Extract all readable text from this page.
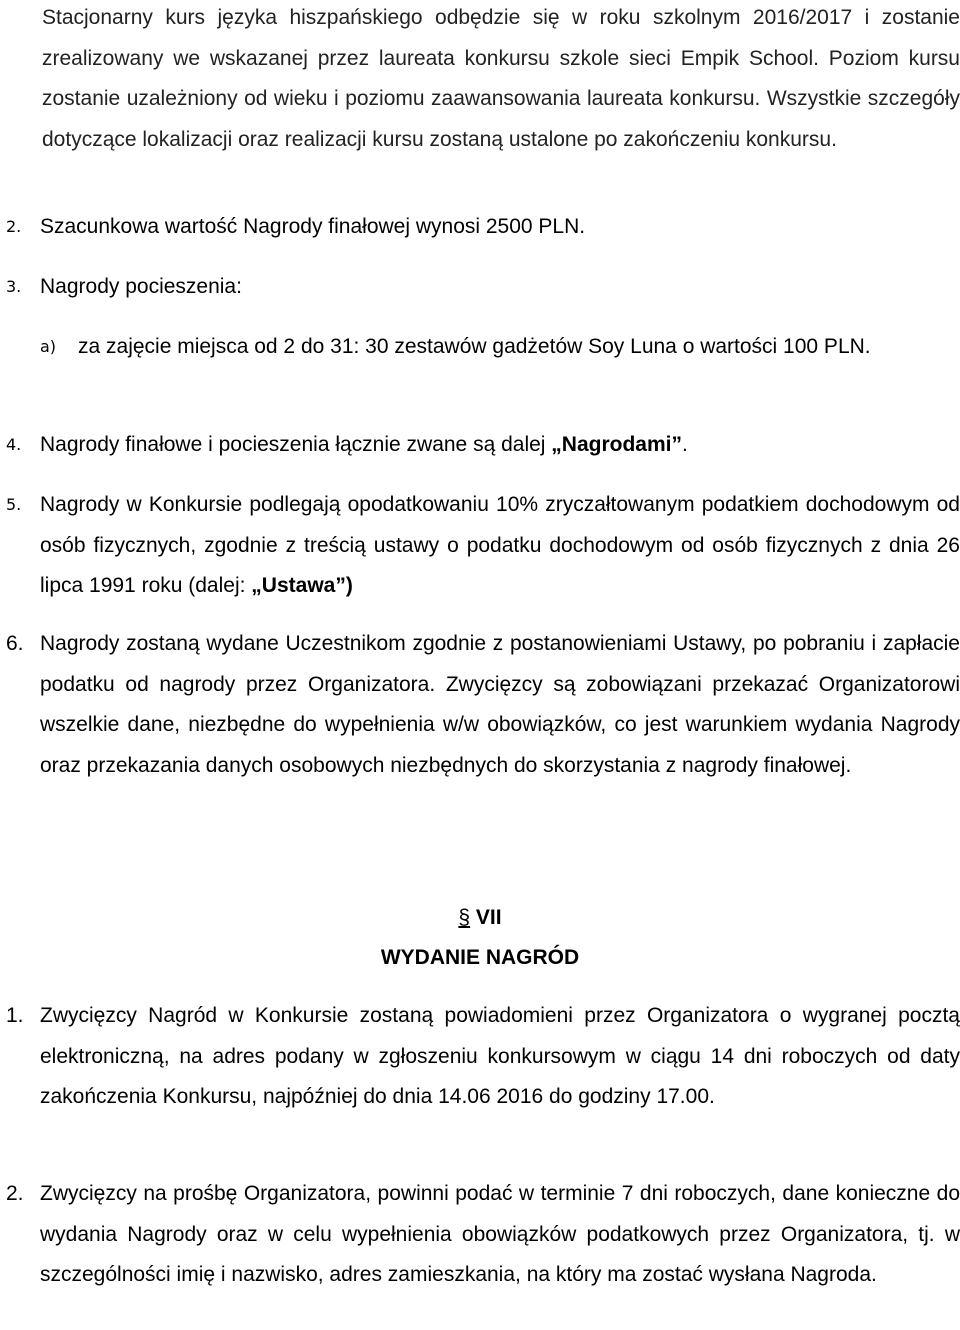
Stacjonarny kurs języka hiszpańskiego odbędzie się w roku szkolnym 2016/2017 i zostanie zrealizowany we wskazanej przez laureata konkursu szkole sieci Empik School. Poziom kursu zostanie uzależniony od wieku i poziomu zaawansowania laureata konkursu. Wszystkie szczegóły dotyczące lokalizacji oraz realizacji kursu zostaną ustalone po zakończeniu konkursu.

2. Szacunkowa wartość Nagrody finałowej wynosi 2500 PLN.

3. Nagrody pocieszenia:

a) za zajęcie miejsca od 2 do 31: 30 zestawów gadżetów Soy Luna o wartości 100 PLN.

4. Nagrody finałowe i pocieszenia łącznie zwane są dalej „Nagrodami”.

5. Nagrody w Konkursie podlegają opodatkowaniu 10% zryczałtowanym podatkiem dochodowym od osób fizycznych, zgodnie z treścią ustawy o podatku dochodowym od osób fizycznych z dnia 26 lipca 1991 roku (dalej: „Ustawa”)

6. Nagrody zostaną wydane Uczestnikom zgodnie z postanowieniami Ustawy, po pobraniu i zapłacie podatku od nagrody przez Organizatora. Zwycięzcy są zobowiązani przekazać Organizatorowi wszelkie dane, niezbędne do wypełnienia w/w obowiązków, co jest warunkiem wydania Nagrody oraz przekazania danych osobowych niezbędnych do skorzystania z nagrody finałowej.

§ VII
WYDANIE NAGRÓD
1. Zwycięzcy Nagród w Konkursie zostaną powiadomieni przez Organizatora o wygranej pocztą elektroniczną, na adres podany w zgłoszeniu konkursowym w ciągu 14 dni roboczych od daty zakończenia Konkursu, najpóźniej do dnia 14.06 2016 do godziny 17.00.

2. Zwycięzcy na prośbę Organizatora, powinni podać w terminie 7 dni roboczych, dane konieczne do wydania Nagrody oraz w celu wypełnienia obowiązków podatkowych przez Organizatora, tj. w szczególności imię i nazwisko, adres zamieszkania, na który ma zostać wysłana Nagroda.
